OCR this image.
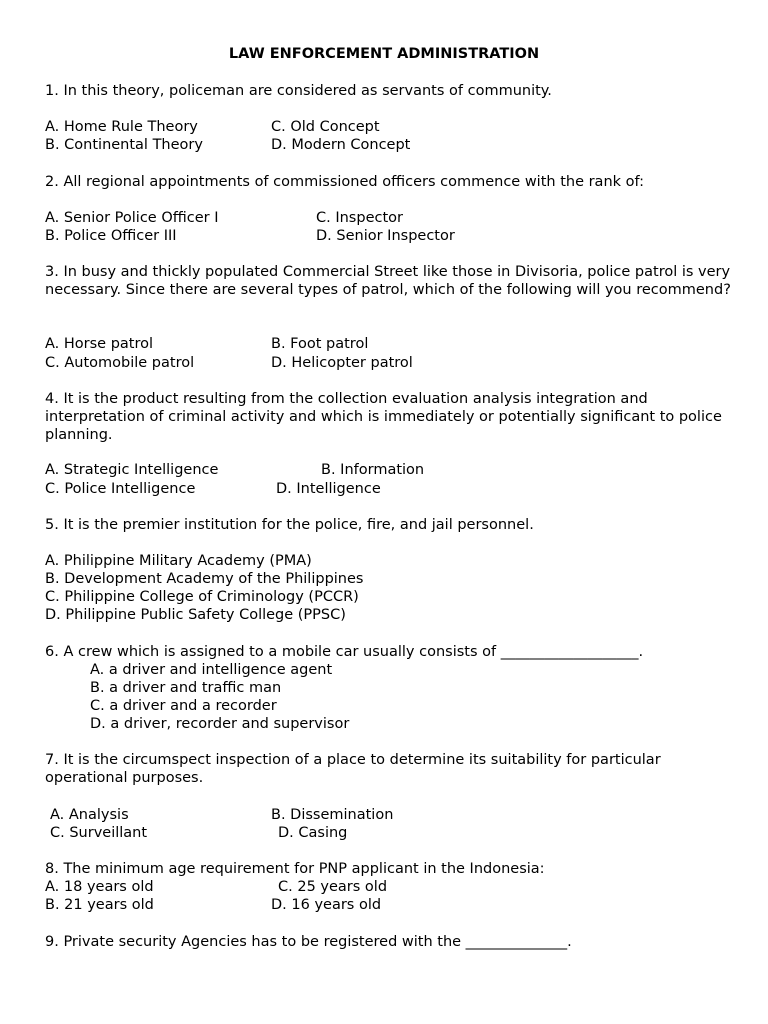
LAW ENFORCEMENT ADMINISTRATION
1. In this theory, policeman are considered as servants of community.
A. Home Rule Theory	C. Old Concept
B. Continental Theory	D. Modern Concept
2. All regional appointments of commissioned officers commence with the rank of:
A. Senior Police Officer I	C. Inspector
B. Police Officer III	D. Senior Inspector
3. In busy and thickly populated Commercial Street like those in Divisoria, police patrol is very necessary. Since there are several types of patrol, which of the following will you recommend?
A. Horse patrol	B. Foot patrol
C. Automobile patrol	D. Helicopter patrol
4. It is the product resulting from the collection evaluation analysis integration and interpretation of criminal activity and which is immediately or potentially significant to police planning.
A. Strategic Intelligence	B. Information
C. Police Intelligence	D. Intelligence
5. It is the premier institution for the police, fire, and jail personnel.
A. Philippine Military Academy (PMA)
B. Development Academy of the Philippines
C. Philippine College of Criminology (PCCR)
D. Philippine Public Safety College (PPSC)
6. A crew which is assigned to a mobile car usually consists of ___________________.
A. a driver and intelligence agent
B. a driver and traffic man
C. a driver and a recorder
D. a driver, recorder and supervisor
7. It is the circumspect inspection of a place to determine its suitability for particular operational purposes.
A. Analysis	B. Dissemination
C. Surveillant	D. Casing
8. The minimum age requirement for PNP applicant in the Indonesia:
A. 18 years old	C. 25 years old
B. 21 years old	D. 16 years old
9. Private security Agencies has to be registered with the ______________.
